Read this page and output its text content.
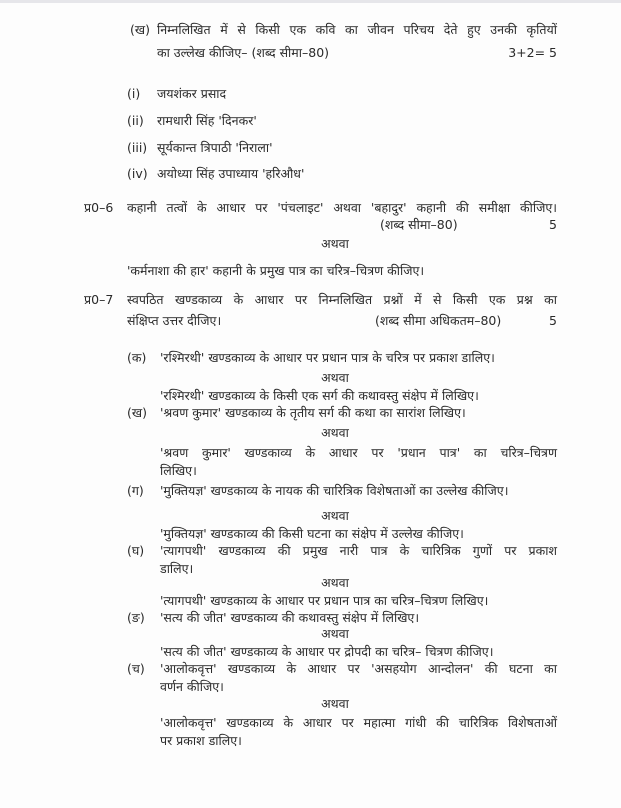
(ख) निम्नलिखित में से किसी एक कवि का जीवन परिचय देते हुए उनकी कृतियों
का उल्लेख कीजिए– (शब्द सीमा–80)	3+2= 5
(i) जयशंकर प्रसाद
(ii) रामधारी सिंह 'दिनकर'
(iii) सूर्यकान्त त्रिपाठी 'निराला'
(iv) अयोध्या सिंह उपाध्याय 'हरिऔध'
प्र0–6 कहानी तत्वों के आधार पर 'पंचलाइट' अथवा 'बहादुर' कहानी की समीक्षा कीजिए।
(शब्द सीमा–80)	5
अथवा
'कर्मनाशा की हार' कहानी के प्रमुख पात्र का चरित्र–चित्रण कीजिए।
प्र0–7 स्वपठित खण्डकाव्य के आधार पर निम्नलिखित प्रश्नों में से किसी एक प्रश्न का
संक्षिप्त उत्तर दीजिए।	(शब्द सीमा अधिकतम–80)	5
(क) 'रश्मिरथी' खण्डकाव्य के आधार पर प्रधान पात्र के चरित्र पर प्रकाश डालिए।
अथवा
'रश्मिरथी' खण्डकाव्य के किसी एक सर्ग की कथावस्तु संक्षेप में लिखिए।
(ख) 'श्रवण कुमार' खण्डकाव्य के तृतीय सर्ग की कथा का सारांश लिखिए।
अथवा
'श्रवण कुमार' खण्डकाव्य के आधार पर 'प्रधान पात्र' का चरित्र–चित्रण
लिखिए।
(ग) 'मुक्तियज्ञ' खण्डकाव्य के नायक की चारित्रिक विशेषताओं का उल्लेख कीजिए।
अथवा
'मुक्तियज्ञ' खण्डकाव्य की किसी घटना का संक्षेप में उल्लेख कीजिए।
(घ) 'त्यागपथी' खण्डकाव्य की प्रमुख नारी पात्र के चारित्रिक गुणों पर प्रकाश
डालिए।
अथवा
'त्यागपथी' खण्डकाव्य के आधार पर प्रधान पात्र का चरित्र–चित्रण लिखिए।
(ङ) 'सत्य की जीत' खण्डकाव्य की कथावस्तु संक्षेप में लिखिए।
अथवा
'सत्य की जीत' खण्डकाव्य के आधार पर द्रोपदी का चरित्र– चित्रण कीजिए।
(च) 'आलोकवृत्त' खण्डकाव्य के आधार पर 'असहयोग आन्दोलन' की घटना का
वर्णन कीजिए।
अथवा
'आलोकवृत्त' खण्डकाव्य के आधार पर महात्मा गांधी की चारित्रिक विशेषताओं
पर प्रकाश डालिए।
